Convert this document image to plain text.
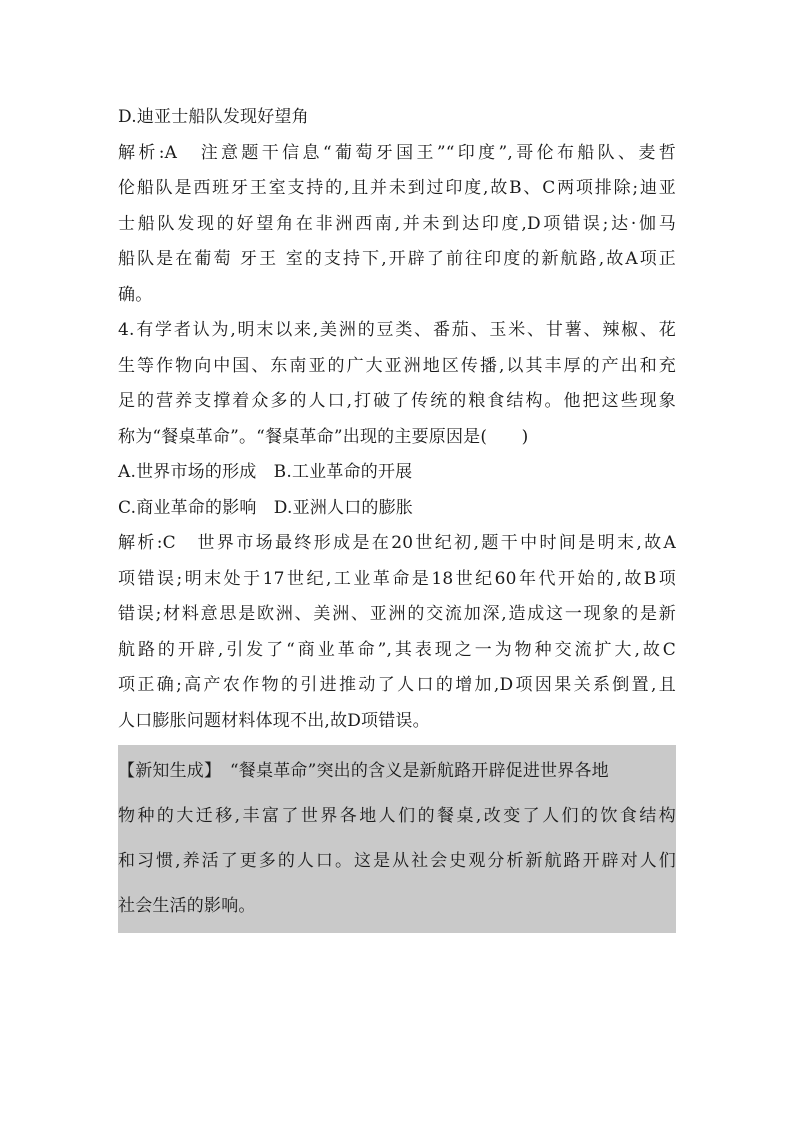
D.迪亚士船队发现好望角
解析:A　注意题干信息“葡萄牙国王”“印度”,哥伦布船队、麦哲
伦船队是西班牙王室支持的,且并未到过印度,故B、C两项排除;迪亚
士船队发现的好望角在非洲西南,并未到达印度,D项错误;达·伽马
船队是在葡萄 牙王 室的支持下,开辟了前往印度的新航路,故A项正
确。
4.有学者认为,明末以来,美洲的豆类、番茄、玉米、甘薯、辣椒、花
生等作物向中国、东南亚的广大亚洲地区传播,以其丰厚的产出和充
足的营养支撑着众多的人口,打破了传统的粮食结构。他把这些现象
称为“餐桌革命”。“餐桌革命”出现的主要原因是(　　)
A.世界市场的形成　B.工业革命的开展
C.商业革命的影响　D.亚洲人口的膨胀
解析:C　世界市场最终形成是在20世纪初,题干中时间是明末,故A
项错误;明末处于17世纪,工业革命是18世纪60年代开始的,故B项
错误;材料意思是欧洲、美洲、亚洲的交流加深,造成这一现象的是新
航路的开辟,引发了“商业革命”,其表现之一为物种交流扩大,故C
项正确;高产农作物的引进推动了人口的增加,D项因果关系倒置,且
人口膨胀问题材料体现不出,故D项错误。
【新知生成】　“餐桌革命”突出的含义是新航路开辟促进世界各地
物种的大迁移,丰富了世界各地人们的餐桌,改变了人们的饮食结构
和习惯,养活了更多的人口。这是从社会史观分析新航路开辟对人们
社会生活的影响。
